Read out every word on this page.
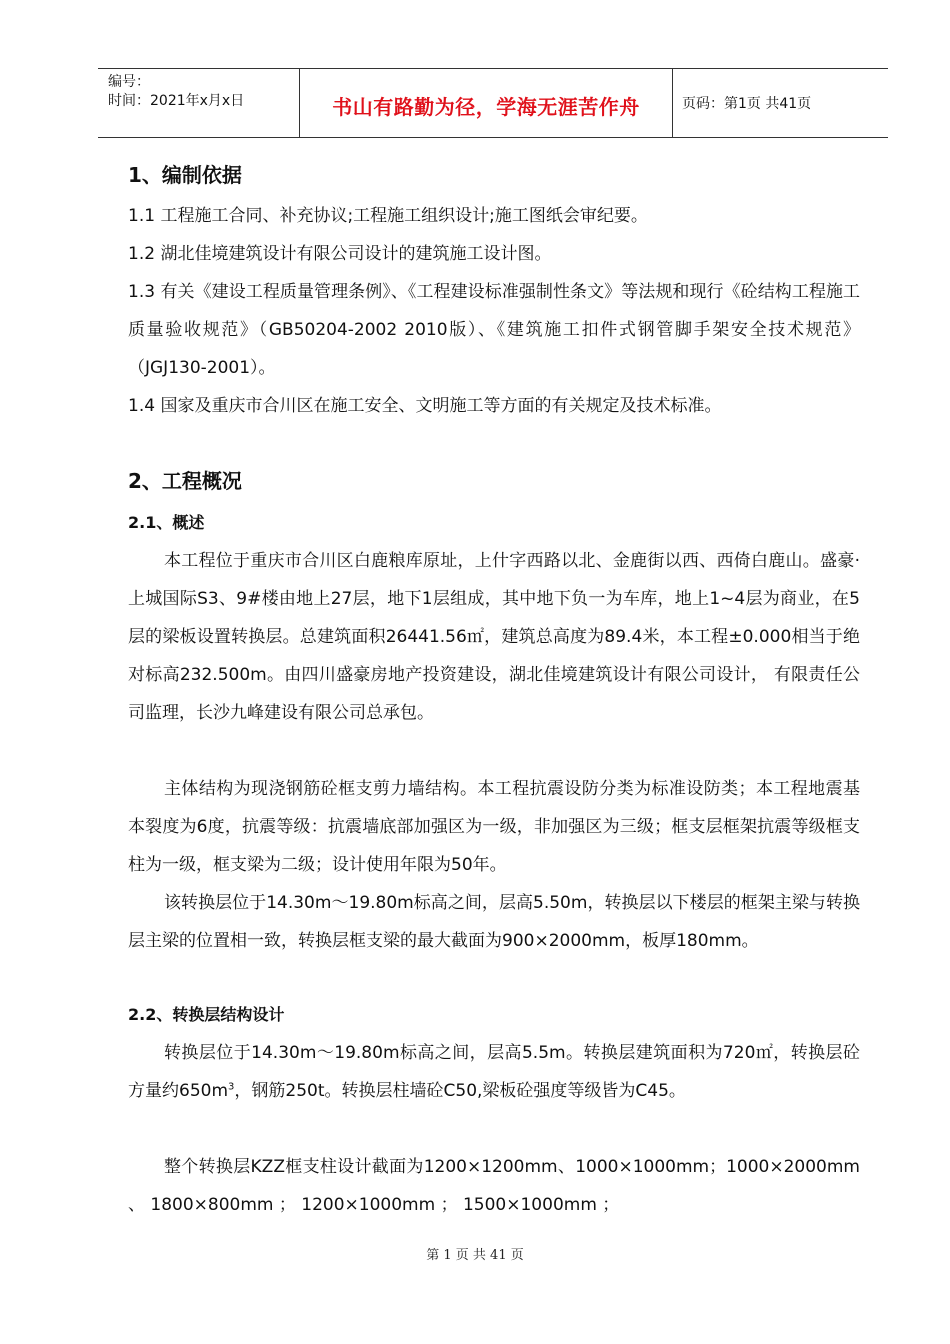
编号：
时间：2021年x月x日	书山有路勤为径，学海无涯苦作舟	页码：第1页 共41页
1、编制依据
1.1 工程施工合同、补充协议;工程施工组织设计;施工图纸会审纪要。
1.2 湖北佳境建筑设计有限公司设计的建筑施工设计图。
1.3 有关《建设工程质量管理条例》、《工程建设标准强制性条文》等法规和现行《砼结构工程施工质量验收规范》（GB50204-2002 2010版）、《建筑施工扣件式钢管脚手架安全技术规范》（JGJ130-2001）。
1.4 国家及重庆市合川区在施工安全、文明施工等方面的有关规定及技术标准。
2、工程概况
2.1、概述
本工程位于重庆市合川区白鹿粮库原址，上什字西路以北、金鹿街以西、西倚白鹿山。盛豪·上城国际S3、9#楼由地上27层，地下1层组成，其中地下负一为车库，地上1~4层为商业，在5层的梁板设置转换层。总建筑面积26441.56㎡，建筑总高度为89.4米，本工程±0.000相当于绝对标高232.500m。由四川盛豪房地产投资建设，湖北佳境建筑设计有限公司设计， 有限责任公司监理，长沙九峰建设有限公司总承包。
主体结构为现浇钢筋砼框支剪力墙结构。本工程抗震设防分类为标准设防类；本工程地震基本裂度为6度，抗震等级：抗震墙底部加强区为一级，非加强区为三级；框支层框架抗震等级框支柱为一级，框支梁为二级；设计使用年限为50年。
该转换层位于14.30m～19.80m标高之间，层高5.50m，转换层以下楼层的框架主梁与转换层主梁的位置相一致，转换层框支梁的最大截面为900×2000mm，板厚180mm。
2.2、转换层结构设计
转换层位于14.30m～19.80m标高之间，层高5.5m。转换层建筑面积为720㎡，转换层砼方量约$650m^3$，钢筋250t。转换层柱墙砼C50,梁板砼强度等级皆为C45。
整个转换层KZZ框支柱设计截面为1200×1200mm、1000×1000mm；1000×2000mm 、 1800×800mm ； 1200×1000mm ； 1500×1000mm ；
第 1 页 共 41 页
